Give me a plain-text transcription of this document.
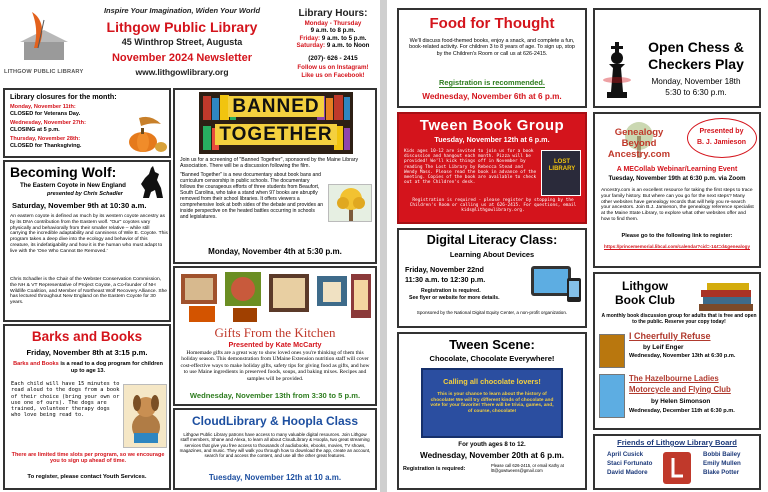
LITHGOW PUBLIC LIBRARY
Inspire Your Imagination, Widen Your World
Lithgow Public Library
45 Winthrop Street, Augusta
November 2024 Newsletter
www.lithgowlibrary.org
Library Hours:
Monday - Thursday
9 a.m. to 8 p.m.
Friday: 9 a.m. to 5 p.m.
Saturday: 9 a.m. to Noon
(207)- 626 - 2415
Follow us on Instagram!
Like us on Facebook!
Library closures for the month:
Monday, November 11th:
CLOSED for Veterans Day.
Wednesday, November 27th:
CLOSING at 5 p.m.
Thursday, November 28th:
CLOSED for Thanksgiving.
BANNED
TOGETHER
Join us for a screening of "Banned Together", sponsored by the Maine Library Association. There will be a discussion following the film.
"Banned Together" is a new documentary about book bans and curriculum censorship in public schools. The documentary follows the courageous efforts of three students from Beaufort, South Carolina, who take a stand when 97 books are abruptly removed from their school libraries. It offers viewers a comprehensive look at both sides of the debate and provides an inside perspective on the heated battles occurring in schools and legislatures.
Monday, November 4th at 5:30 p.m.
Becoming Wolf:
The Eastern Coyote in New England
presented by Chris Schadler
Saturday, November 9th at 10:30 a.m.
An eastern coyote is defined as much by its western coyote ancestry as by its DNA contribution from the Eastern wolf. "Our" coyotes vary physically and behaviorally from their smaller relative – while still carrying the incredible adaptability and canniness of Wile E. Coyote. This program takes a deep dive into the ecology and behavior of this creature, its indefatigability and how it is the human who must adapt to live with the 'One Who Cannot Be Removed.'
Chris Schadler is the Chair of the Webster Conservation Commission, the NH & VT Representative of Project Coyote, a Co-founder of NH Wildlife Coalition, and Member of Northeast Wolf Recovery Alliance. She has lectured throughout New England on the Eastern Coyote for 30 years.
Gifts From the Kitchen
Presented by Kate McCarty
Homemade gifts are a great way to show loved ones you're thinking of them this holiday season. This demonstration from UMaine Extension nutrition staff will cover cost-effective ways to make holiday gifts, safety tips for giving food as gifts, and how to use Maine ingredients in preserved foods, soups, and baking mixes. Recipes and samples will be provided.
Wednesday, November 13th from 3:30 to 5 p.m.
Barks and Books
Friday, November 8th at 3:15 p.m.
Barks and Books is a read to a dog program for children up to age 13.
Each child will have 15 minutes to read aloud to the dogs from a book of their choice (bring your own or use one of ours). The dogs are trained, volunteer therapy dogs who love being read to.
There are limited time slots per program, so we encourage you to sign up ahead of time.
To register, please contact Youth Services.
CloudLibrary & Hoopla Class
Lithgow Public Library patrons have access to many valuable digital resources. Join Lithgow staff members, Shane and Alexa, to learn all about CloudLibrary & Hoopla, two great streaming services that give you free access to thousands of audiobooks, ebooks, movies, TV shows, magazines, and music. They will walk you through how to download the app, create an account, search for and access the content, and use all the other great features.
Tuesday, November 12th at 10 a.m.
Food for Thought
We'll discuss food-themed books, enjoy a snack, and complete a fun, book-related activity. For children 3 to 8 years of age. To sign up, stop by the Children's Room or call us at 626-2415.
Registration is recommended.
Wednesday, November 6th at 6 p.m.
Open Chess &
Checkers Play
Monday, November 18th
5:30 to 6:30 p.m.
Tween Book Group
Tuesday, November 12th at 6 p.m.
Kids ages 10-12 are invited to join us for a book discussion and hangout each month. Pizza will be provided! We'll kick things off in November by reading The Lost Library by Rebecca Stead and Wendy Mass. Please read the book in advance of the meeting. Copies of the book are available to check out at the Children's desk.
LOST LIBRARY
Registration is required - please register by stopping by the Children's Room or calling us at 626-2415. For questions, email kids@lithgowlibrary.org.
Genealogy
Beyond
Ancestry.com
Presented by
B. J. Jamieson
A MECollab Webinar/Learning Event
Tuesday, November 19th at 6:30 p.m. via Zoom
Ancestry.com is an excellent resource for taking the first steps to trace your family history. But where can you go for the next steps? Many other websites have genealogy records that will help you re-search your ancestors. Join B.J. Jamieson, the genealogy reference specialist at the Maine State Library, to explore what other websites offer and how to find them.
Please go to the following link to register:
https://princememorial.libcal.com/calendar?cid=-1&t=d&genealogy
Digital Literacy Class:
Learning About Devices
Friday, November 22nd
11:30 a.m. to 12:30 p.m.
Registration is required.
See flyer or website for more details.
Sponsored by the National Digital Equity Center, a non-profit organization.
Tween Scene:
Chocolate, Chocolate Everywhere!
Calling all chocolate lovers!
This is your chance to learn about the history of chocolate! We will try different kinds of chocolate and vote for your favorite! There will be trivia, games, and, of course, chocolate!
For youth ages 8 to 12.
Wednesday, November 20th at 6 p.m.
Registration is required:
Please call 626-2415, or email Kathy at ltt@gowtweens@gmail.com
Lithgow
Book Club
A monthly book discussion group for adults that is free and open to the public. Reserve your copy today!
I Cheerfully Refuse
by Leif Enger
Wednesday, November 13th at 6:30 p.m.
The Hazelbourne Ladies
Motorcycle and Flying Club
by Helen Simonson
Wednesday, December 11th at 6:30 p.m.
Friends of Lithgow Library Board
April Cusick
Staci Fortunato
David Madore
Bobbi Bailey
Emily Mullen
Blake Potter
